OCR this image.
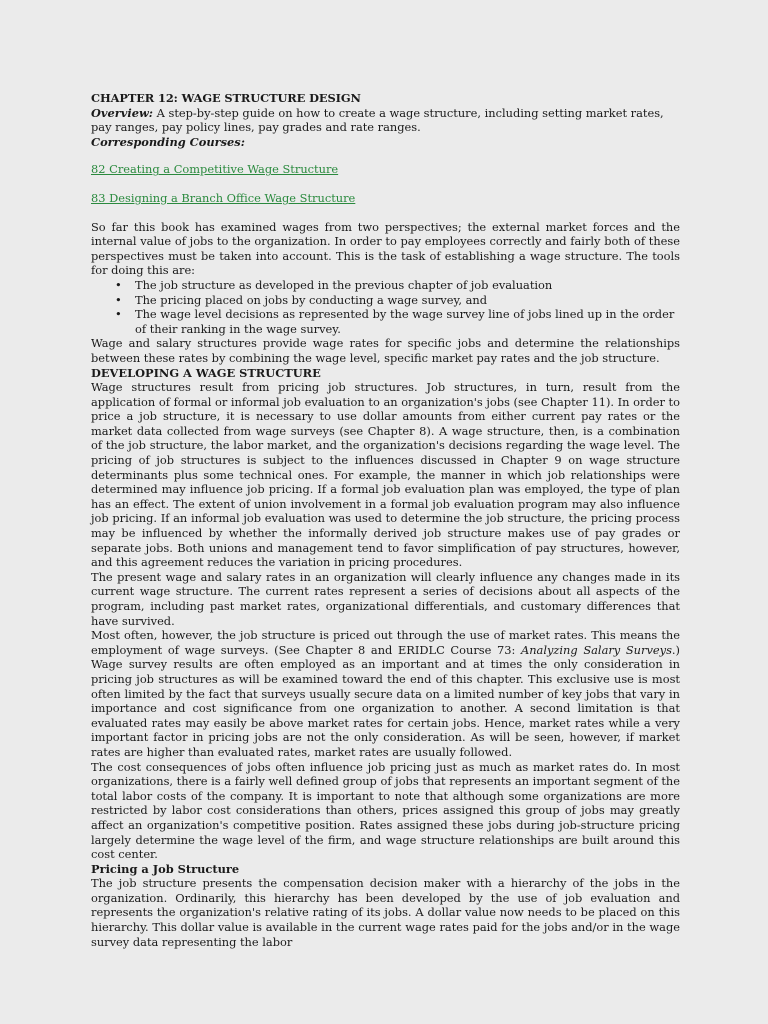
CHAPTER 12: WAGE STRUCTURE DESIGN

Overview: A step-by-step guide on how to create a wage structure, including setting market rates, pay ranges, pay policy lines, pay grades and rate ranges.

Corresponding Courses:
82 Creating a Competitive Wage Structure
83 Designing a Branch Office Wage Structure

So far this book has examined wages from two perspectives; the external market forces and the internal value of jobs to the organization. In order to pay employees correctly and fairly both of these perspectives must be taken into account. This is the task of establishing a wage structure. The tools for doing this are:

• The job structure as developed in the previous chapter of job evaluation
• The pricing placed on jobs by conducting a wage survey, and
• The wage level decisions as represented by the wage survey line of jobs lined up in the order of their ranking in the wage survey.

Wage and salary structures provide wage rates for specific jobs and determine the relationships between these rates by combining the wage level, specific market pay rates and the job structure.

DEVELOPING A WAGE STRUCTURE

Wage structures result from pricing job structures. Job structures, in turn, result from the application of formal or informal job evaluation to an organization's jobs (see Chapter 11). In order to price a job structure, it is necessary to use dollar amounts from either current pay rates or the market data collected from wage surveys (see Chapter 8). A wage structure, then, is a combination of the job structure, the labor market, and the organization's decisions regarding the wage level. The pricing of job structures is subject to the influences discussed in Chapter 9 on wage structure determinants plus some technical ones. For example, the manner in which job relationships were determined may influence job pricing. If a formal job evaluation plan was employed, the type of plan has an effect. The extent of union involvement in a formal job evaluation program may also influence job pricing. If an informal job evaluation was used to determine the job structure, the pricing process may be influenced by whether the informally derived job structure makes use of pay grades or separate jobs. Both unions and management tend to favor simplification of pay structures, however, and this agreement reduces the variation in pricing procedures.

The present wage and salary rates in an organization will clearly influence any changes made in its current wage structure. The current rates represent a series of decisions about all aspects of the program, including past market rates, organizational differentials, and customary differences that have survived.

Most often, however, the job structure is priced out through the use of market rates. This means the employment of wage surveys. (See Chapter 8 and ERIDLC Course 73: Analyzing Salary Surveys.) Wage survey results are often employed as an important and at times the only consideration in pricing job structures as will be examined toward the end of this chapter. This exclusive use is most often limited by the fact that surveys usually secure data on a limited number of key jobs that vary in importance and cost significance from one organization to another. A second limitation is that evaluated rates may easily be above market rates for certain jobs. Hence, market rates while a very important factor in pricing jobs are not the only consideration. As will be seen, however, if market rates are higher than evaluated rates, market rates are usually followed.

The cost consequences of jobs often influence job pricing just as much as market rates do. In most organizations, there is a fairly well defined group of jobs that represents an important segment of the total labor costs of the company. It is important to note that although some organizations are more restricted by labor cost considerations than others, prices assigned this group of jobs may greatly affect an organization's competitive position. Rates assigned these jobs during job-structure pricing largely determine the wage level of the firm, and wage structure relationships are built around this cost center.

Pricing a Job Structure

The job structure presents the compensation decision maker with a hierarchy of the jobs in the organization. Ordinarily, this hierarchy has been developed by the use of job evaluation and represents the organization's relative rating of its jobs. A dollar value now needs to be placed on this hierarchy. This dollar value is available in the current wage rates paid for the jobs and/or in the wage survey data representing the labor
